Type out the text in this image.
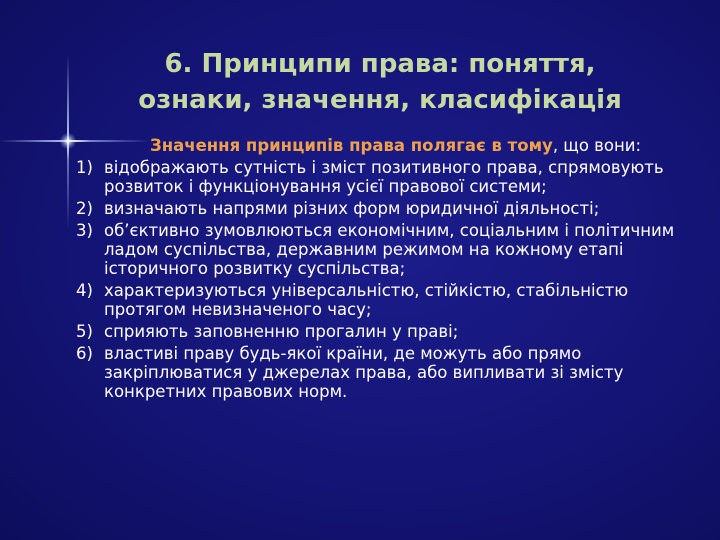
6. Принципи права: поняття,
ознаки, значення, класифікація

Значення принципів права полягає в тому, що вони:

1) відображають сутність і зміст позитивного права, спрямовують розвиток і функціонування усієї правової системи;
2) визначають напрями різних форм юридичної діяльності;
3) об’єктивно зумовлюються економічним, соціальним і політичним ладом суспільства, державним режимом на кожному етапі історичного розвитку суспільства;
4) характеризуються універсальністю, стійкістю, стабільністю протягом невизначеного часу;
5) сприяють заповненню прогалин у праві;
6) властиві праву будь-якої країни, де можуть або прямо закріплюватися у джерелах права, або випливати зі змісту конкретних правових норм.
